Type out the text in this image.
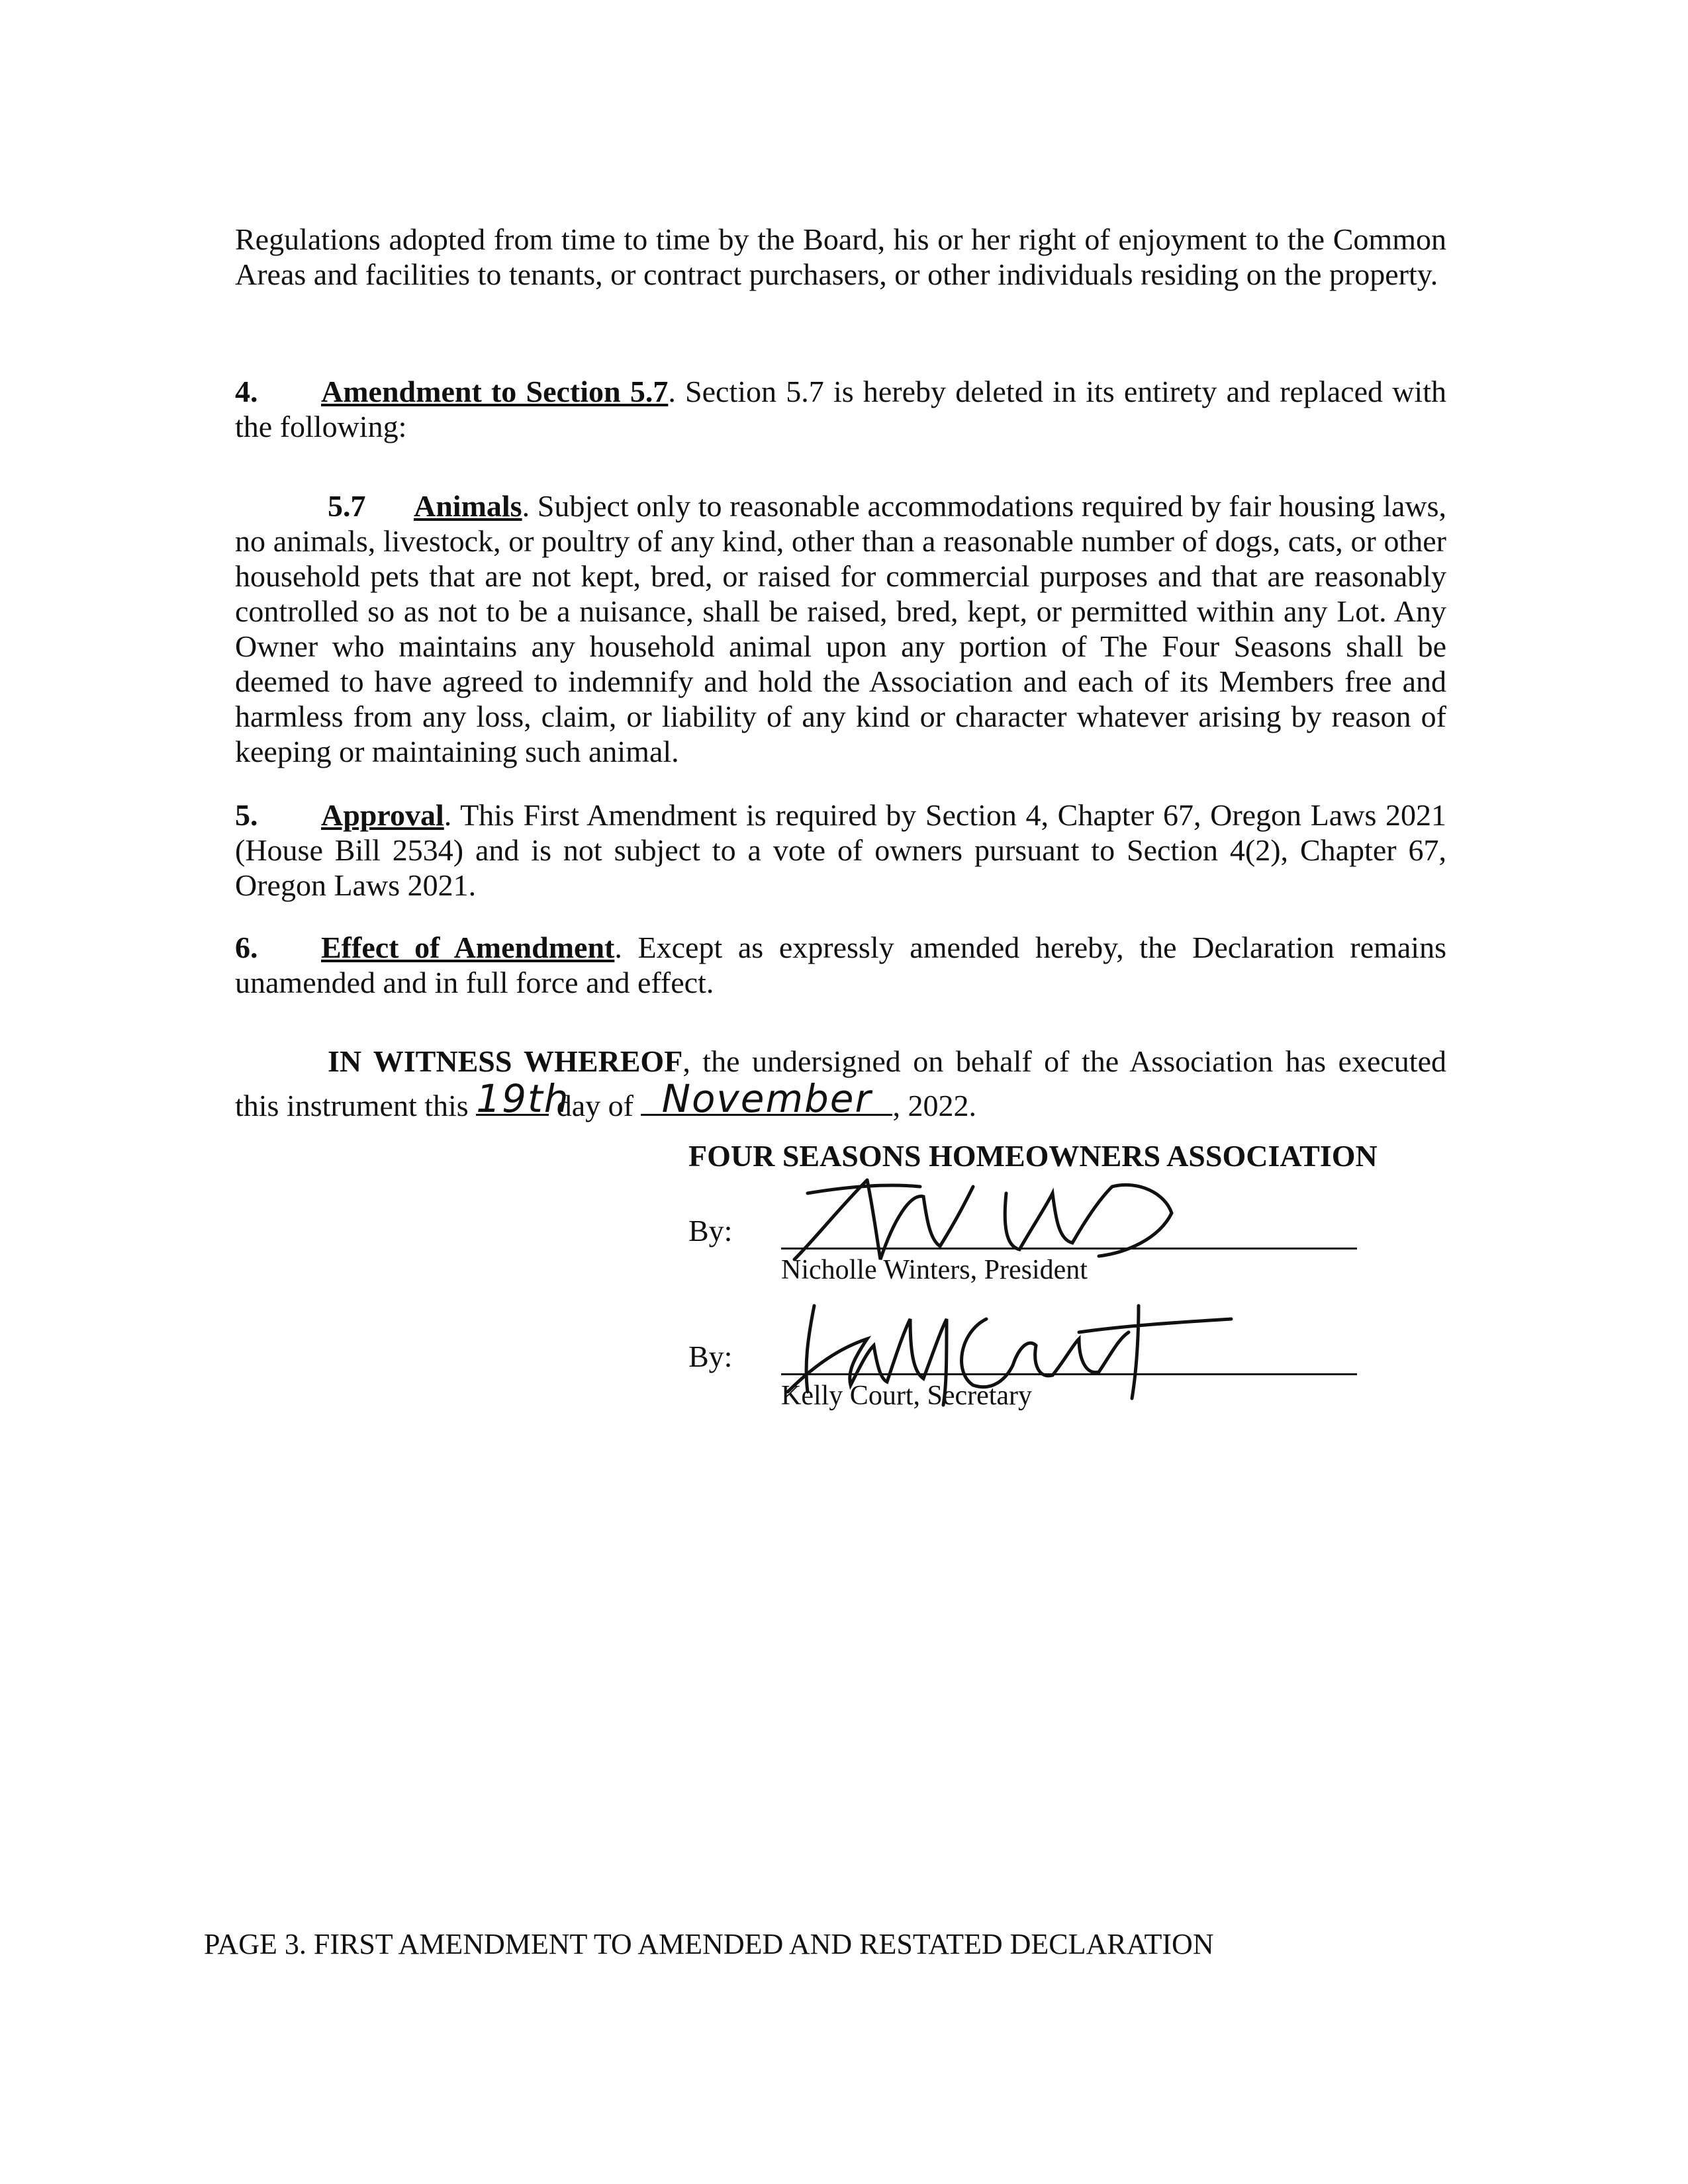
Regulations adopted from time to time by the Board, his or her right of enjoyment to the Common Areas and facilities to tenants, or contract purchasers, or other individuals residing on the property.

4. Amendment to Section 5.7. Section 5.7 is hereby deleted in its entirety and replaced with the following:

5.7 Animals. Subject only to reasonable accommodations required by fair housing laws, no animals, livestock, or poultry of any kind, other than a reasonable number of dogs, cats, or other household pets that are not kept, bred, or raised for commercial purposes and that are reasonably controlled so as not to be a nuisance, shall be raised, bred, kept, or permitted within any Lot. Any Owner who maintains any household animal upon any portion of The Four Seasons shall be deemed to have agreed to indemnify and hold the Association and each of its Members free and harmless from any loss, claim, or liability of any kind or character whatever arising by reason of keeping or maintaining such animal.

5. Approval. This First Amendment is required by Section 4, Chapter 67, Oregon Laws 2021 (House Bill 2534) and is not subject to a vote of owners pursuant to Section 4(2), Chapter 67, Oregon Laws 2021.

6. Effect of Amendment. Except as expressly amended hereby, the Declaration remains unamended and in full force and effect.

IN WITNESS WHEREOF, the undersigned on behalf of the Association has executed this instrument this 19th
day of November , 2022.

FOUR SEASONS HOMEOWNERS ASSOCIATION
By:
Nicholle Winters, President
By:
Kelly Court, Secretary
PAGE 3. FIRST AMENDMENT TO AMENDED AND RESTATED DECLARATION
